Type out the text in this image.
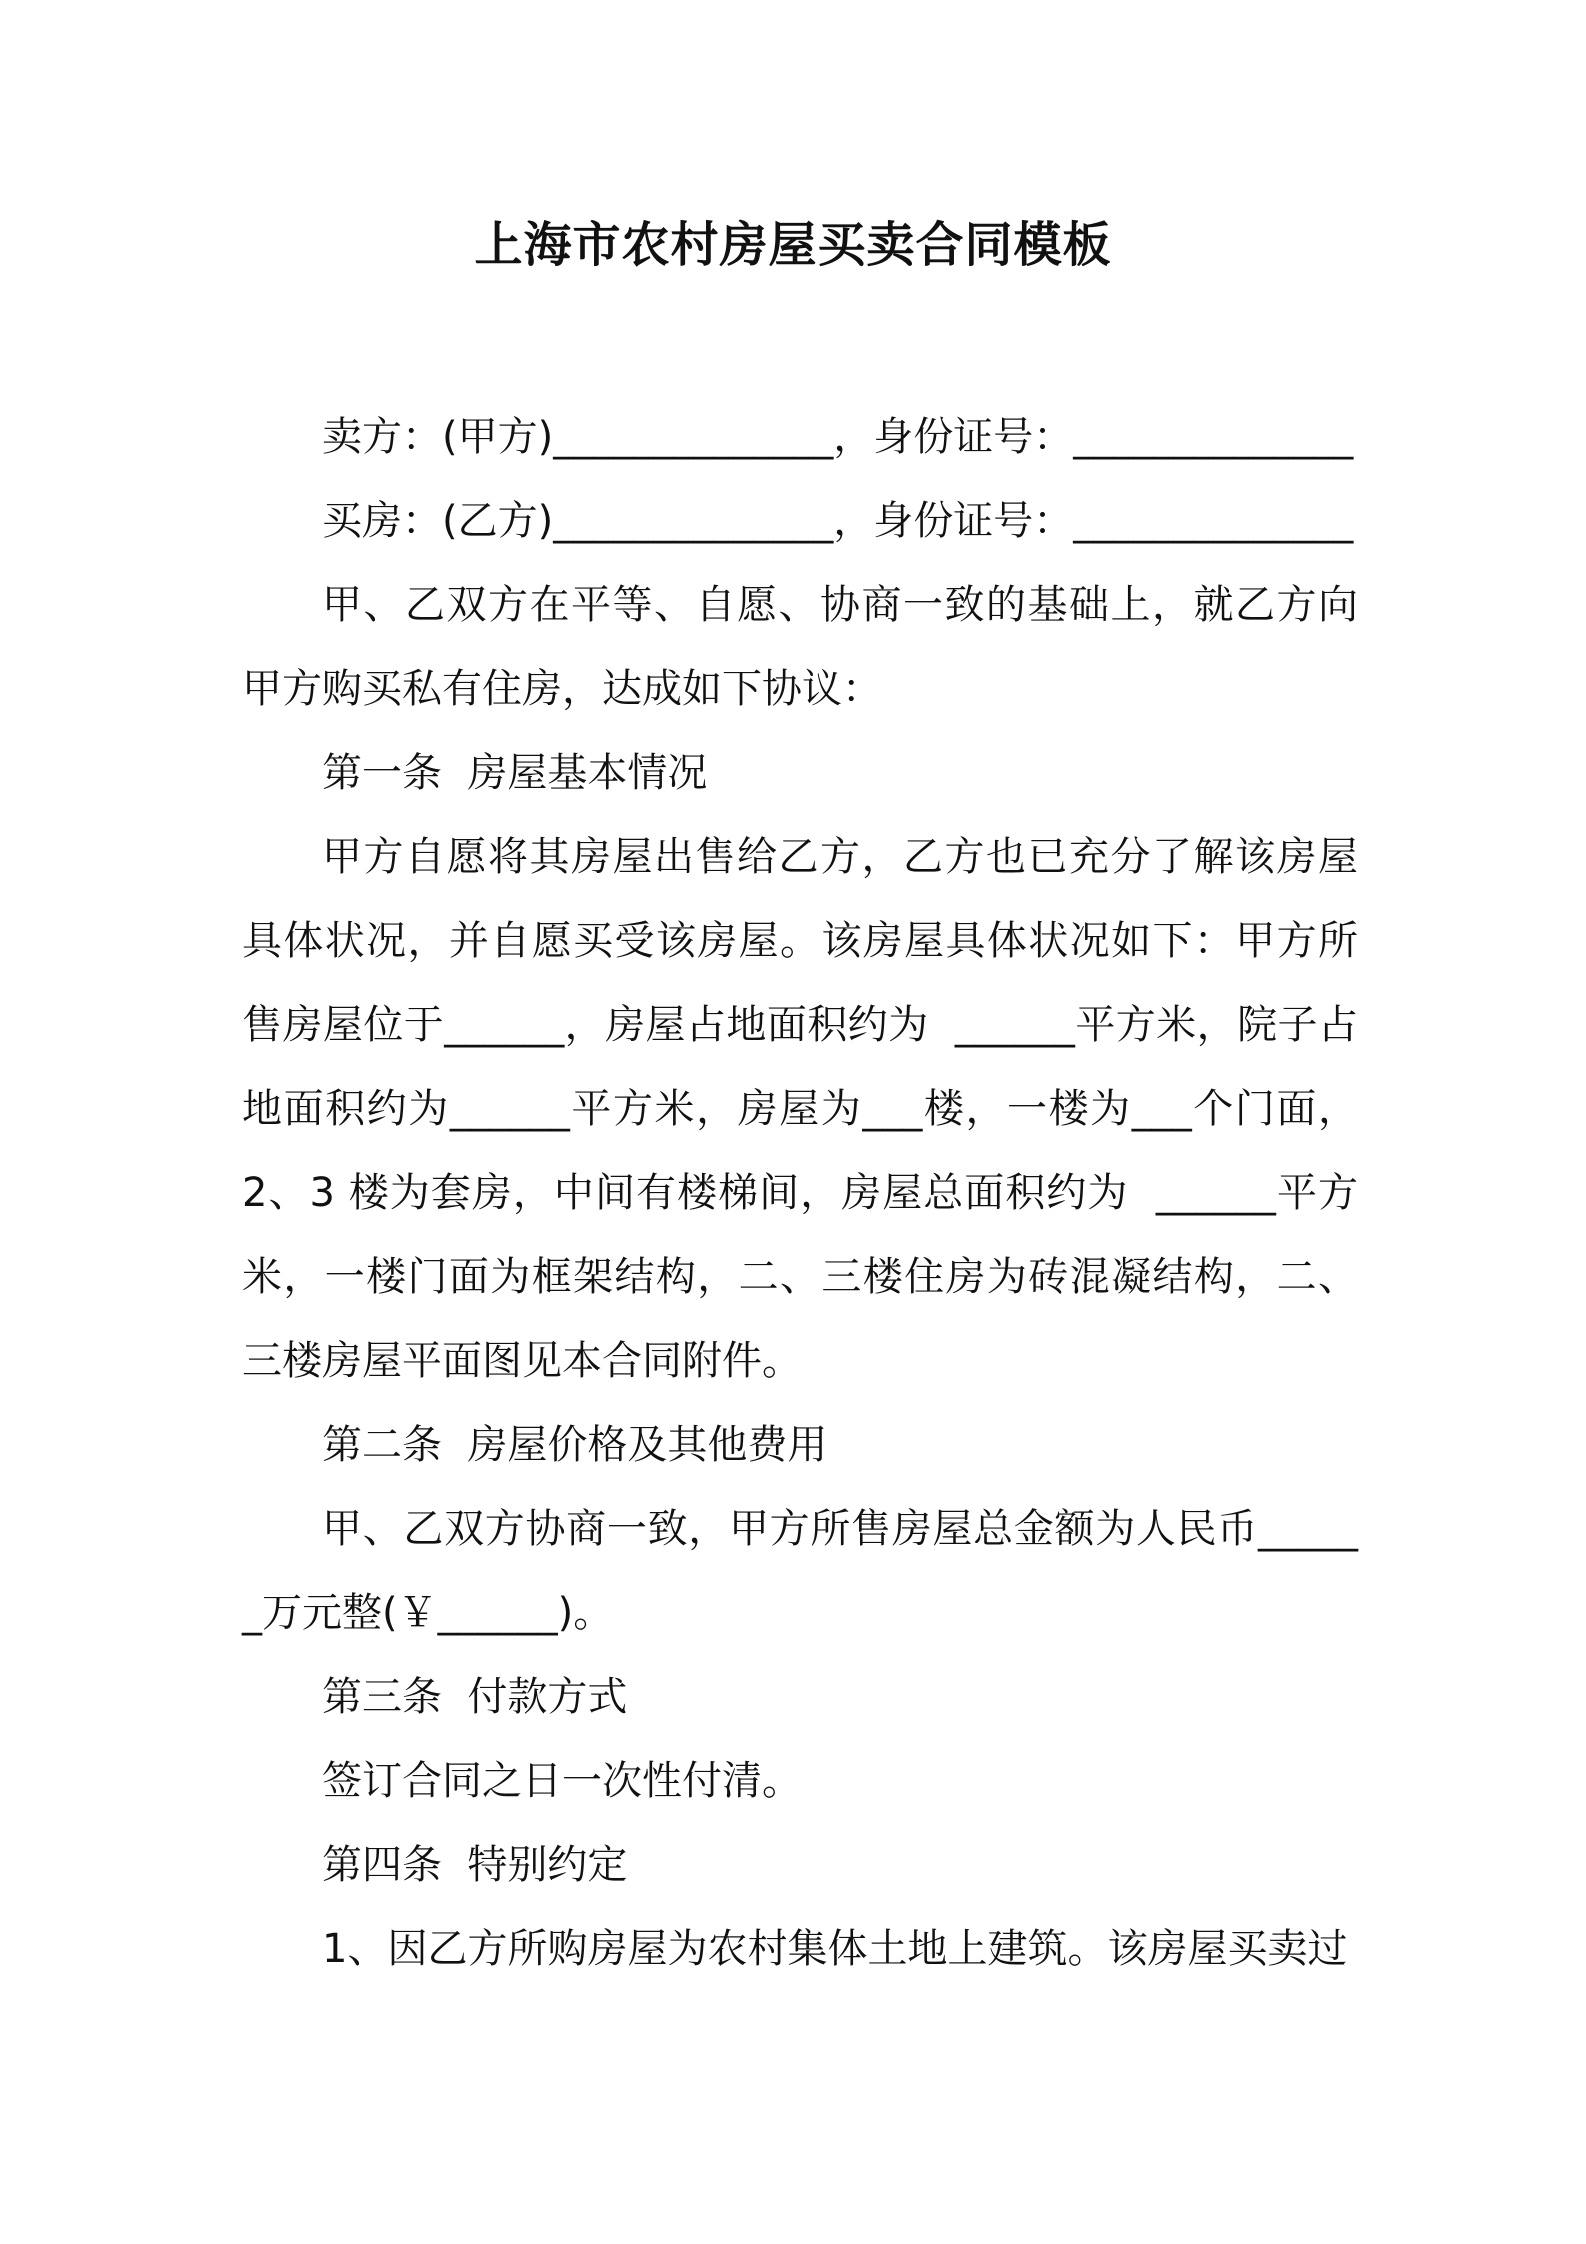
上海市农村房屋买卖合同模板

卖方：(甲方)______________，身份证号：______________

买房：(乙方)______________，身份证号：______________

甲、乙双方在平等、自愿、协商一致的基础上，就乙方向甲方购买私有住房，达成如下协议：

第一条  房屋基本情况

甲方自愿将其房屋出售给乙方，乙方也已充分了解该房屋具体状况，并自愿买受该房屋。该房屋具体状况如下：甲方所售房屋位于______，房屋占地面积约为  ______平方米，院子占地面积约为______平方米，房屋为___楼，一楼为___个门面，2、3 楼为套房，中间有楼梯间，房屋总面积约为  ______平方米，一楼门面为框架结构，二、三楼住房为砖混凝结构，二、三楼房屋平面图见本合同附件。

第二条  房屋价格及其他费用

甲、乙双方协商一致，甲方所售房屋总金额为人民币______万元整(￥______)。

第三条  付款方式

签订合同之日一次性付清。

第四条  特别约定

1、因乙方所购房屋为农村集体土地上建筑。该房屋买卖过
